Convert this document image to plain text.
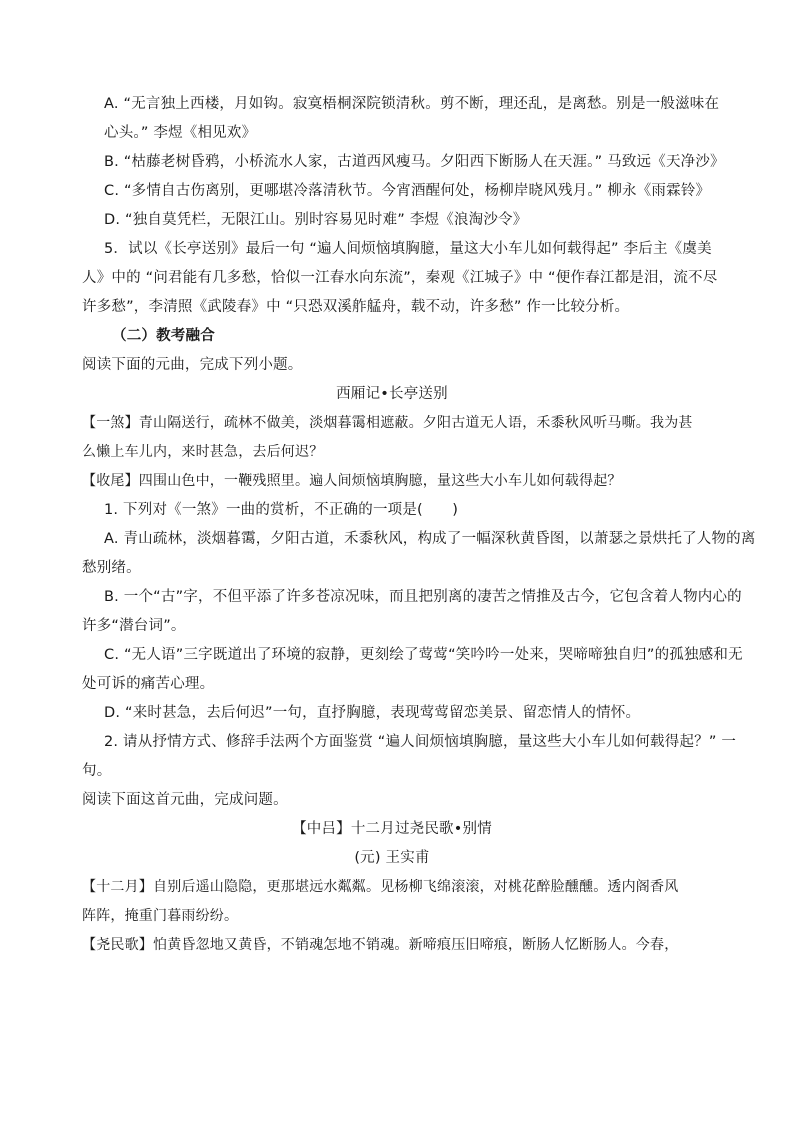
A. “无言独上西楼，月如钩。寂寞梧桐深院锁清秋。剪不断，理还乱，是离愁。别是一般滋味在
心头。” 李煜《相见欢》
B. “枯藤老树昏鸦，小桥流水人家，古道西风瘦马。夕阳西下断肠人在天涯。” 马致远《天净沙》
C. “多情自古伤离别，更哪堪冷落清秋节。今宵酒醒何处，杨柳岸晓风残月。” 柳永《雨霖铃》
D. “独自莫凭栏，无限江山。别时容易见时难” 李煜《浪淘沙令》
5．试以《长亭送别》最后一句 “遍人间烦恼填胸臆，量这大小车儿如何载得起” 李后主《虞美
人》中的 “问君能有几多愁，恰似一江春水向东流”，秦观《江城子》中 “便作春江都是泪，流不尽
许多愁”，李清照《武陵春》中 “只恐双溪舴艋舟，载不动，许多愁” 作一比较分析。
（二）教考融合
阅读下面的元曲，完成下列小题。
西厢记•长亭送别
【一煞】青山隔送行，疏林不做美，淡烟暮霭相遮蔽。夕阳古道无人语，禾黍秋风听马嘶。我为甚
么懒上车儿内，来时甚急，去后何迟？
【收尾】四围山色中，一鞭残照里。遍人间烦恼填胸臆，量这些大小车儿如何载得起？
1. 下列对《一煞》一曲的赏析，不正确的一项是(　　)
A. 青山疏林，淡烟暮霭，夕阳古道，禾黍秋风，构成了一幅深秋黄昏图，以萧瑟之景烘托了人物的离
愁别绪。
B. 一个“古”字，不但平添了许多苍凉况味，而且把别离的凄苦之情推及古今，它包含着人物内心的
许多“潜台词”。
C. “无人语”三字既道出了环境的寂静，更刻绘了莺莺“笑吟吟一处来，哭啼啼独自归”的孤独感和无
处可诉的痛苦心理。
D. “来时甚急，去后何迟”一句，直抒胸臆，表现莺莺留恋美景、留恋情人的情怀。
2. 请从抒情方式、修辞手法两个方面鉴赏 “遍人间烦恼填胸臆，量这些大小车儿如何载得起？” 一
句。
阅读下面这首元曲，完成问题。
【中吕】十二月过尧民歌•别情
(元) 王实甫
【十二月】自别后遥山隐隐，更那堪远水粼粼。见杨柳飞绵滚滚，对桃花醉脸醺醺。透内阁香风
阵阵，掩重门暮雨纷纷。
【尧民歌】怕黄昏忽地又黄昏，不销魂怎地不销魂。新啼痕压旧啼痕，断肠人忆断肠人。今春，
